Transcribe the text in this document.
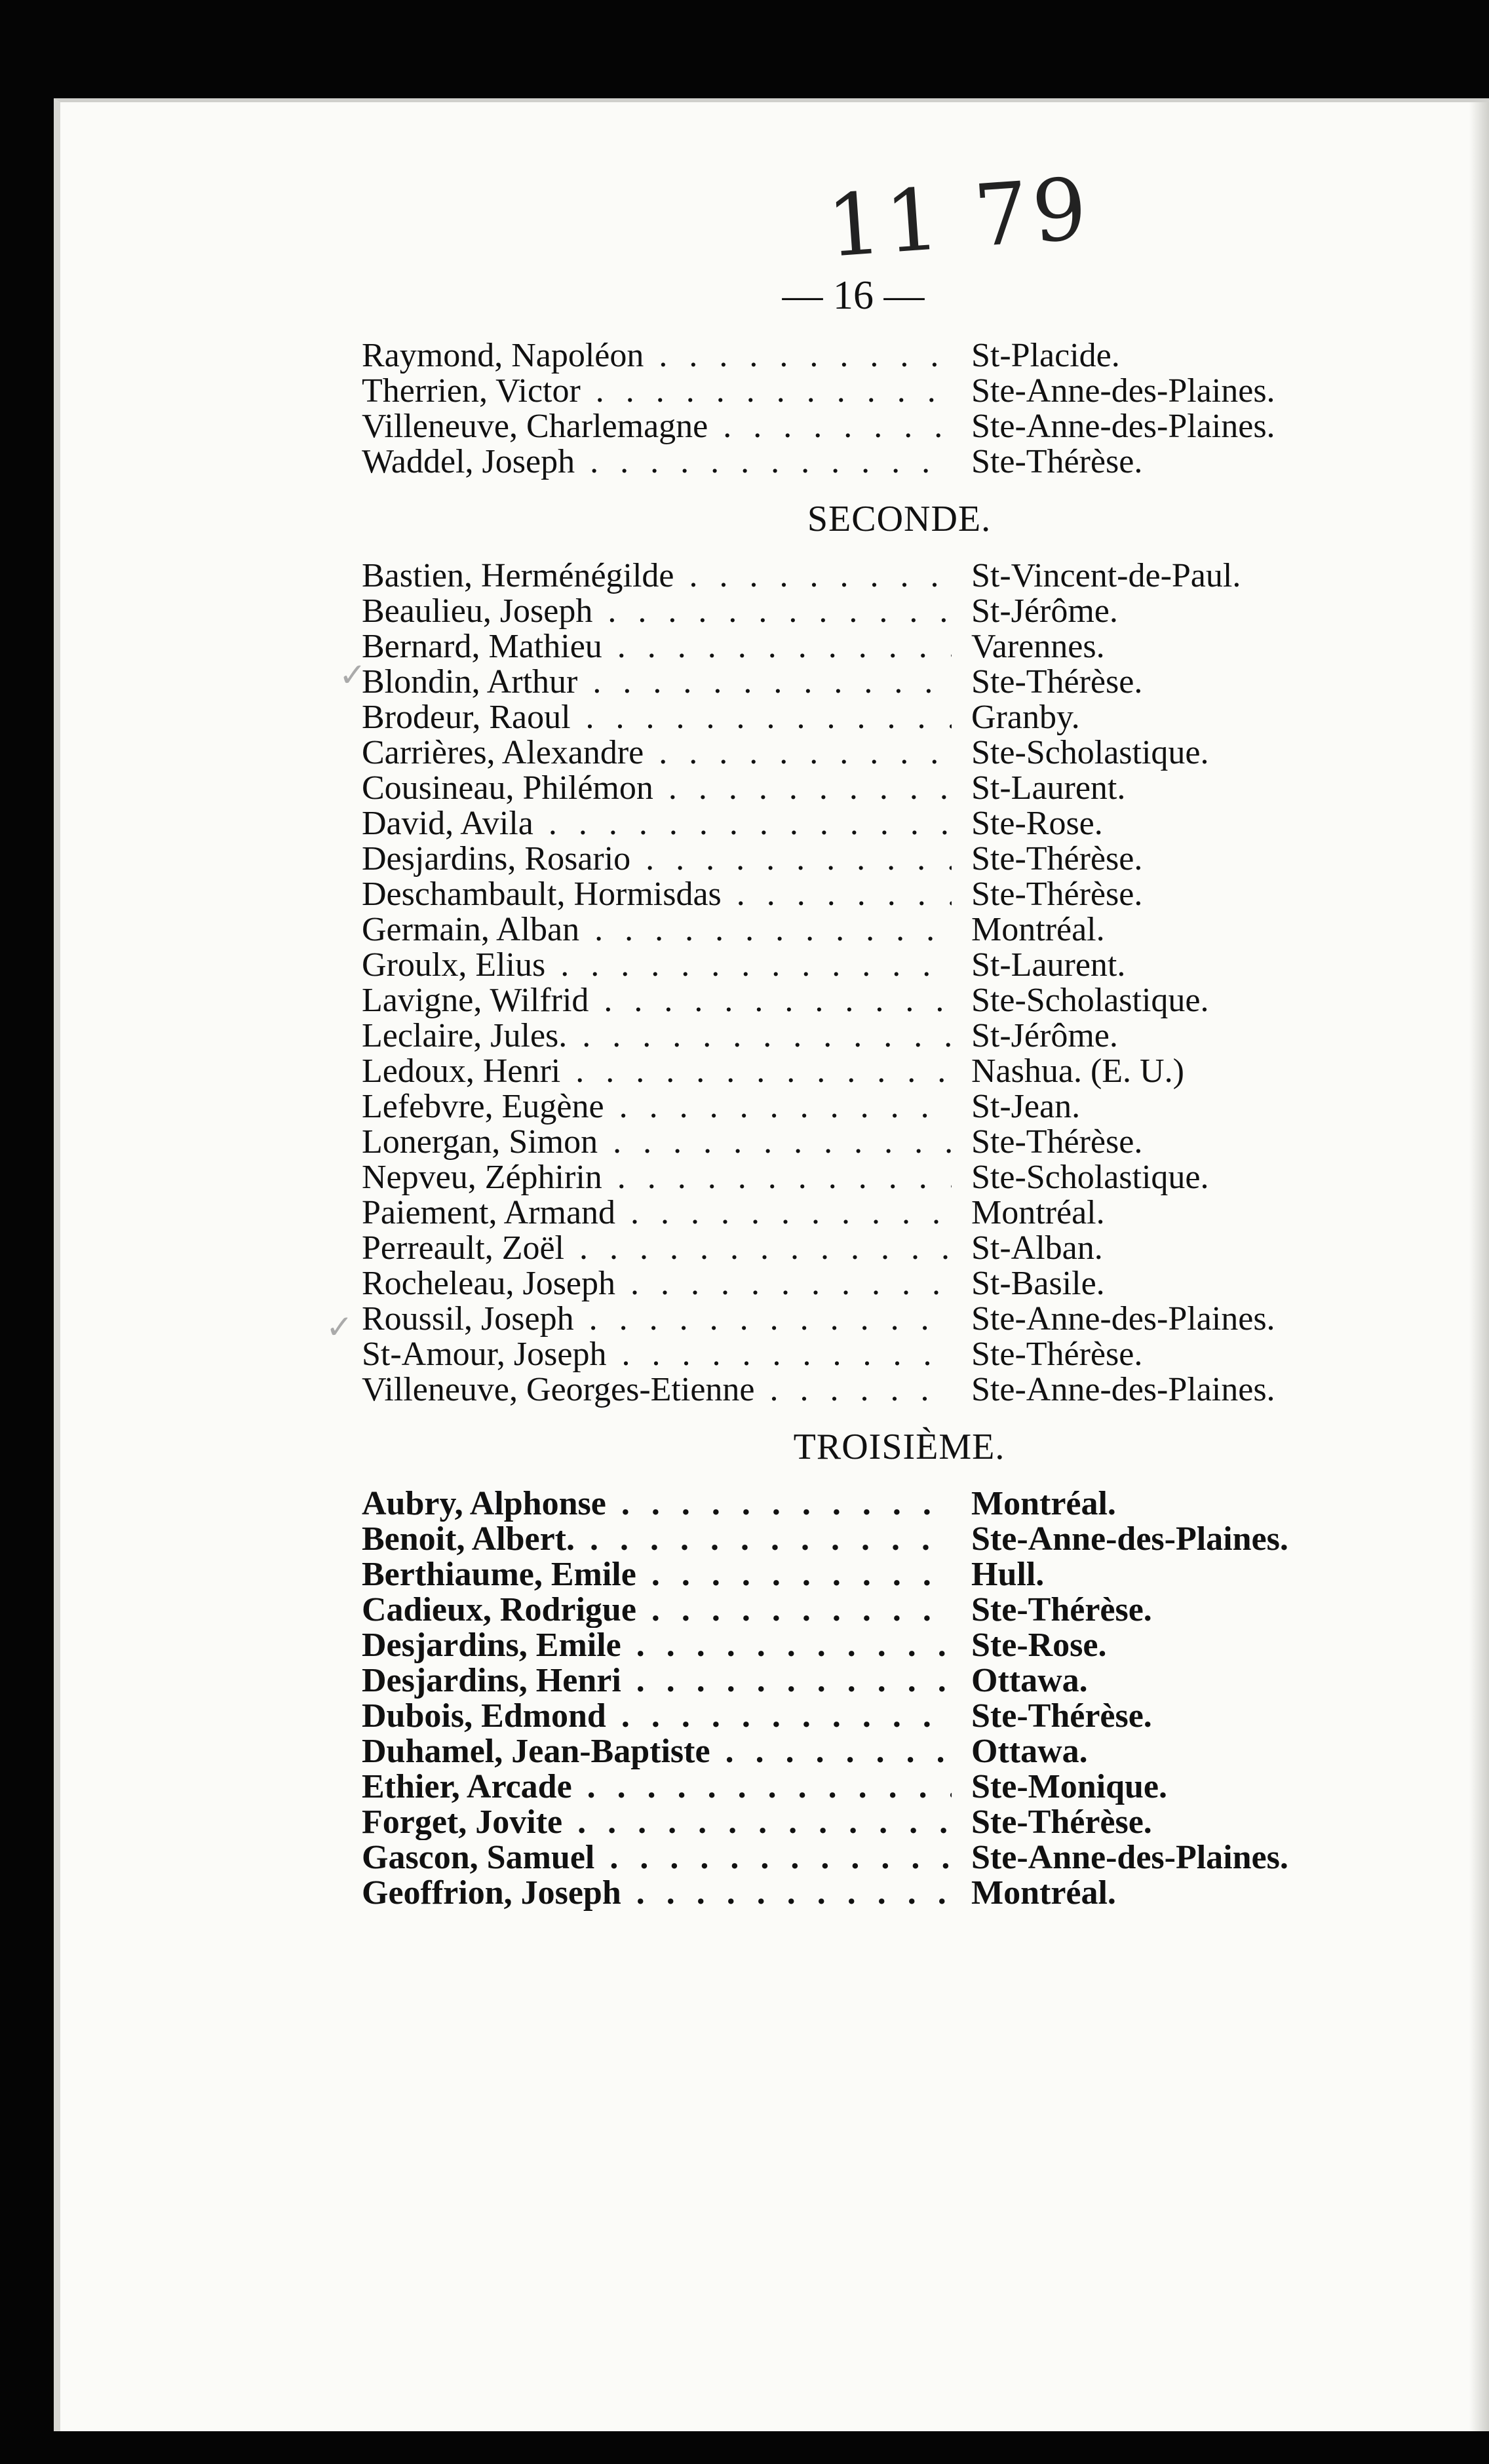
11 79
— 16 —
✓
✓
Raymond, Napoléon . . .	St-Placide.
Therrien, Victor . . .	Ste-Anne-des-Plaines.
Villeneuve, Charlemagne . . .	Ste-Anne-des-Plaines.
Waddel, Joseph . . .	Ste-Thérèse.
SECONDE.
Bastien, Herménégilde . . .	St-Vincent-de-Paul.
Beaulieu, Joseph . . .	St-Jérôme.
Bernard, Mathieu . . .	Varennes.
Blondin, Arthur . . .	Ste-Thérèse.
Brodeur, Raoul . . .	Granby.
Carrières, Alexandre . . .	Ste-Scholastique.
Cousineau, Philémon . . .	St-Laurent.
David, Avila . . .	Ste-Rose.
Desjardins, Rosario . . .	Ste-Thérèse.
Deschambault, Hormisdas . . .	Ste-Thérèse.
Germain, Alban . . .	Montréal.
Groulx, Elius . . .	St-Laurent.
Lavigne, Wilfrid . . .	Ste-Scholastique.
Leclaire, Jules. . . .	St-Jérôme.
Ledoux, Henri . . .	Nashua. (E. U.)
Lefebvre, Eugène . . .	St-Jean.
Lonergan, Simon . . .	Ste-Thérèse.
Nepveu, Zéphirin . . .	Ste-Scholastique.
Paiement, Armand . . .	Montréal.
Perreault, Zoël . . .	St-Alban.
Rocheleau, Joseph . . .	St-Basile.
Roussil, Joseph . . .	Ste-Anne-des-Plaines.
St-Amour, Joseph . . .	Ste-Thérèse.
Villeneuve, Georges-Etienne . . .	Ste-Anne-des-Plaines.
TROISIÈME.
Aubry, Alphonse . . .	Montréal.
Benoit, Albert. . . .	Ste-Anne-des-Plaines.
Berthiaume, Emile . . .	Hull.
Cadieux, Rodrigue . . .	Ste-Thérèse.
Desjardins, Emile . . .	Ste-Rose.
Desjardins, Henri . . .	Ottawa.
Dubois, Edmond . . .	Ste-Thérèse.
Duhamel, Jean-Baptiste . . .	Ottawa.
Ethier, Arcade . . .	Ste-Monique.
Forget, Jovite . . .	Ste-Thérèse.
Gascon, Samuel . . .	Ste-Anne-des-Plaines.
Geoffrion, Joseph . . .	Montréal.
